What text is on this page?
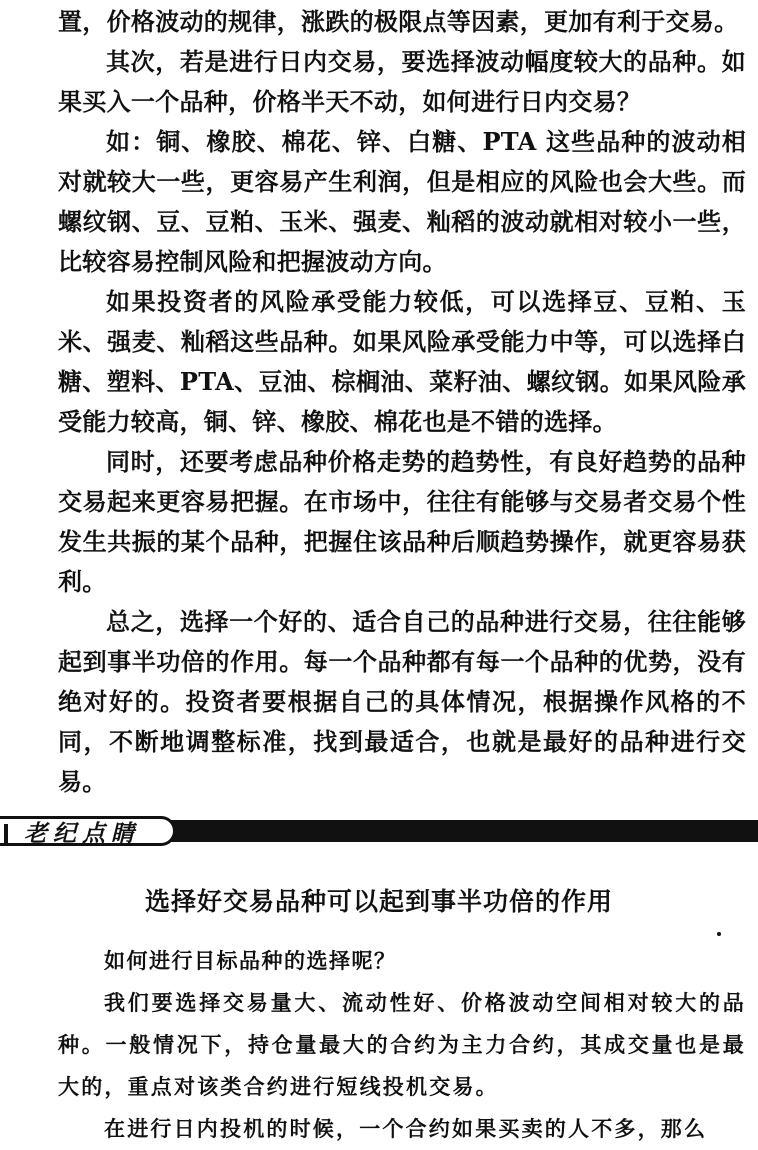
置，价格波动的规律，涨跌的极限点等因素，更加有利于交易。

其次，若是进行日内交易，要选择波动幅度较大的品种。如果买入一个品种，价格半天不动，如何进行日内交易？

如：铜、橡胶、棉花、锌、白糖、PTA 这些品种的波动相对就较大一些，更容易产生利润，但是相应的风险也会大些。而螺纹钢、豆、豆粕、玉米、强麦、籼稻的波动就相对较小一些，比较容易控制风险和把握波动方向。

如果投资者的风险承受能力较低，可以选择豆、豆粕、玉米、强麦、籼稻这些品种。如果风险承受能力中等，可以选择白糖、塑料、PTA、豆油、棕榈油、菜籽油、螺纹钢。如果风险承受能力较高，铜、锌、橡胶、棉花也是不错的选择。

同时，还要考虑品种价格走势的趋势性，有良好趋势的品种交易起来更容易把握。在市场中，往往有能够与交易者交易个性发生共振的某个品种，把握住该品种后顺趋势操作，就更容易获利。

总之，选择一个好的、适合自己的品种进行交易，往往能够起到事半功倍的作用。每一个品种都有每一个品种的优势，没有绝对好的。投资者要根据自己的具体情况，根据操作风格的不同，不断地调整标准，找到最适合，也就是最好的品种进行交易。

老纪点睛
选择好交易品种可以起到事半功倍的作用

如何进行目标品种的选择呢？

我们要选择交易量大、流动性好、价格波动空间相对较大的品种。一般情况下，持仓量最大的合约为主力合约，其成交量也是最大的，重点对该类合约进行短线投机交易。

在进行日内投机的时候，一个合约如果买卖的人不多，那么
